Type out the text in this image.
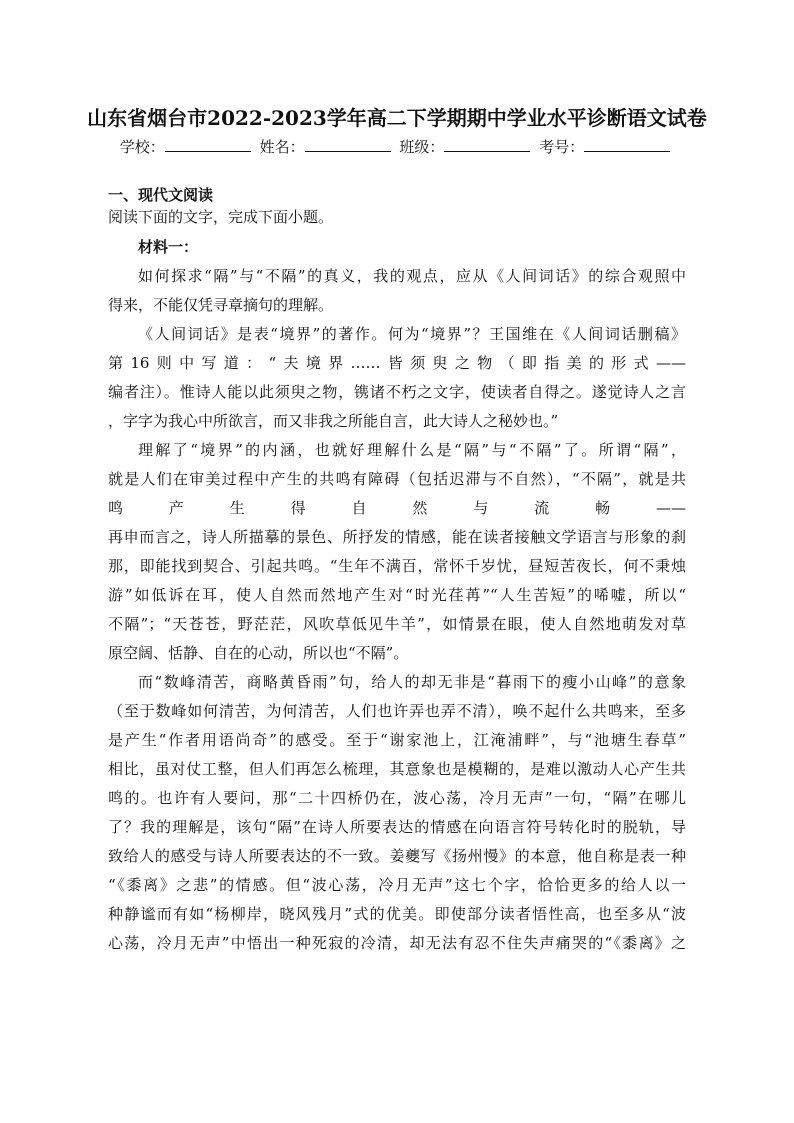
山东省烟台市2022-2023学年高二下学期期中学业水平诊断语文试卷
学校：	姓名：	班级：	考号：
一、现代文阅读
阅读下面的文字，完成下面小题。
材料一：
如何探求“隔”与“不隔”的真义，我的观点，应从《人间词话》的综合观照中
得来，不能仅凭寻章摘句的理解。
《人间词话》是表“境界”的著作。何为“境界”？王国维在《人间词话删稿》
第16则中写道：“夫境界……皆须臾之物（即指美的形式——
编者注）。惟诗人能以此须臾之物，镌诸不朽之文字，使读者自得之。遂觉诗人之言
，字字为我心中所欲言，而又非我之所能自言，此大诗人之秘妙也。”
理解了“境界”的内涵，也就好理解什么是“隔”与“不隔”了。所谓“隔”，
就是人们在审美过程中产生的共鸣有障碍（包括迟滞与不自然），“不隔”，就是共
鸣产生得自然与流畅——
再申而言之，诗人所描摹的景色、所抒发的情感，能在读者接触文学语言与形象的刹
那，即能找到契合、引起共鸣。“生年不满百，常怀千岁忧，昼短苦夜长，何不秉烛
游”如低诉在耳，使人自然而然地产生对“时光荏苒”“人生苦短”的唏嘘，所以“
不隔”；“天苍苍，野茫茫，风吹草低见牛羊”，如情景在眼，使人自然地萌发对草
原空阔、恬静、自在的心动，所以也“不隔”。
而“数峰清苦，商略黄昏雨”句，给人的却无非是“暮雨下的瘦小山峰”的意象
（至于数峰如何清苦，为何清苦，人们也许弄也弄不清），唤不起什么共鸣来，至多
是产生“作者用语尚奇”的感受。至于“谢家池上，江淹浦畔”，与“池塘生春草”
相比，虽对仗工整，但人们再怎么梳理，其意象也是模糊的，是难以激动人心产生共
鸣的。也许有人要问，那“二十四桥仍在，波心荡，冷月无声”一句，“隔”在哪儿
了？我的理解是，该句“隔”在诗人所要表达的情感在向语言符号转化时的脱轨，导
致给人的感受与诗人所要表达的不一致。姜夔写《扬州慢》的本意，他自称是表一种
“《黍离》之悲”的情感。但“波心荡，冷月无声”这七个字，恰恰更多的给人以一
种静谧而有如“杨柳岸，晓风残月”式的优美。即使部分读者悟性高，也至多从“波
心荡，冷月无声”中悟出一种死寂的冷清，却无法有忍不住失声痛哭的“《黍离》之
